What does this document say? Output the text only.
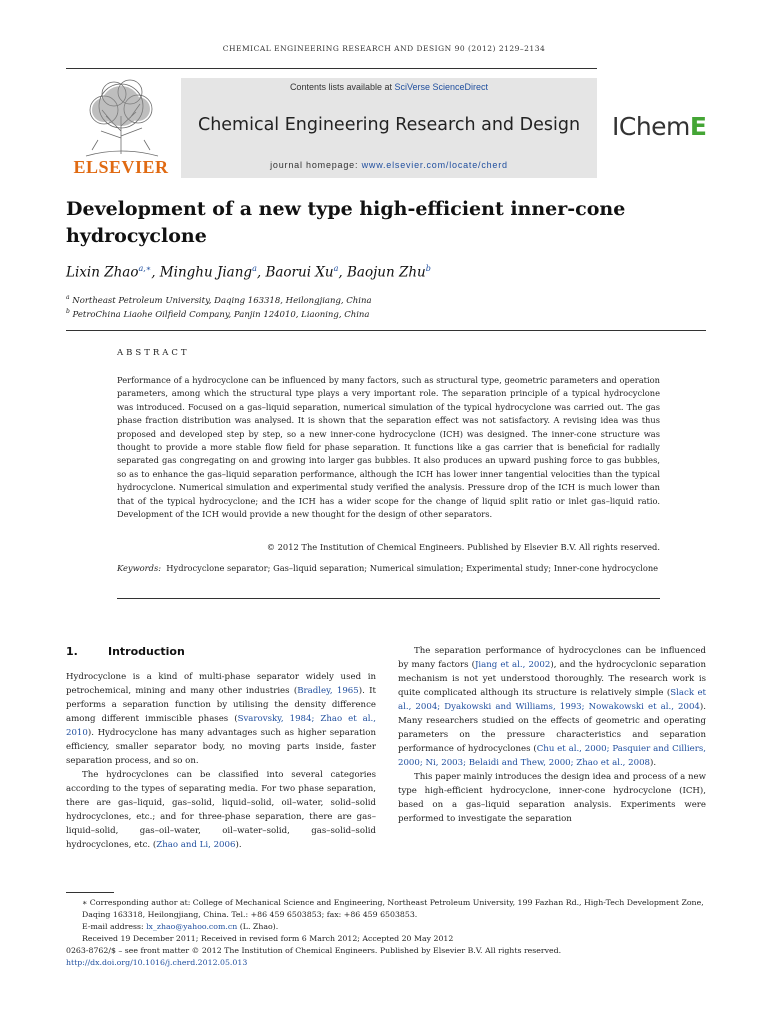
CHEMICAL ENGINEERING RESEARCH AND DESIGN 90 (2012) 2129–2134
ELSEVIER
Contents lists available at SciVerse ScienceDirect
Chemical Engineering Research and Design
journal homepage: www.elsevier.com/locate/cherd
IChemE
Development of a new type high-efficient inner-cone hydrocyclone
Lixin Zhao$^{a,∗}$, Minghu Jiang$^a$, Baorui Xu$^a$, Baojun Zhu$^b$
$^a$ Northeast Petroleum University, Daqing 163318, Heilongjiang, China
$^b$ PetroChina Liaohe Oilfield Company, Panjin 124010, Liaoning, China
ABSTRACT
Performance of a hydrocyclone can be influenced by many factors, such as structural type, geometric parameters and operation parameters, among which the structural type plays a very important role. The separation principle of a typical hydrocyclone was introduced. Focused on a gas–liquid separation, numerical simulation of the typical hydrocyclone was carried out. The gas phase fraction distribution was analysed. It is shown that the separation effect was not satisfactory. A revising idea was thus proposed and developed step by step, so a new inner-cone hydrocyclone (ICH) was designed. The inner-cone structure was thought to provide a more stable flow field for phase separation. It functions like a gas carrier that is beneficial for radially separated gas congregating on and growing into larger gas bubbles. It also produces an upward pushing force to gas bubbles, so as to enhance the gas–liquid separation performance, although the ICH has lower inner tangential velocities than the typical hydrocyclone. Numerical simulation and experimental study verified the analysis. Pressure drop of the ICH is much lower than that of the typical hydrocyclone; and the ICH has a wider scope for the change of liquid split ratio or inlet gas–liquid ratio. Development of the ICH would provide a new thought for the design of other separators.
© 2012 The Institution of Chemical Engineers. Published by Elsevier B.V. All rights reserved.
Keywords: Hydrocyclone separator; Gas–liquid separation; Numerical simulation; Experimental study; Inner-cone hydrocyclone
1.	Introduction

Hydrocyclone is a kind of multi-phase separator widely used in petrochemical, mining and many other industries (Bradley, 1965). It performs a separation function by utilising the density difference among different immiscible phases (Svarovsky, 1984; Zhao et al., 2010). Hydrocyclone has many advantages such as higher separation efficiency, smaller separator body, no moving parts inside, faster separation process, and so on.

The hydrocyclones can be classified into several categories according to the types of separating media. For two phase separation, there are gas–liquid, gas–solid, liquid–solid, oil–water, solid–solid hydrocyclones, etc.; and for three-phase separation, there are gas–liquid–solid, gas–oil–water, oil–water–solid, gas–solid–solid hydrocyclones, etc. (Zhao and Li, 2006).

The separation performance of hydrocyclones can be influenced by many factors (Jiang et al., 2002), and the hydrocyclonic separation mechanism is not yet understood thoroughly. The research work is quite complicated although its structure is relatively simple (Slack et al., 2004; Dyakowski and Williams, 1993; Nowakowski et al., 2004). Many researchers studied on the effects of geometric and operating parameters on the pressure characteristics and separation performance of hydrocyclones (Chu et al., 2000; Pasquier and Cilliers, 2000; Ni, 2003; Belaidi and Thew, 2000; Zhao et al., 2008).

This paper mainly introduces the design idea and process of a new type high-efficient hydrocyclone, inner-cone hydrocyclone (ICH), based on a gas–liquid separation analysis. Experiments were performed to investigate the separation

∗ Corresponding author at: College of Mechanical Science and Engineering, Northeast Petroleum University, 199 Fazhan Rd., High-Tech Development Zone, Daqing 163318, Heilongjiang, China. Tel.: +86 459 6503853; fax: +86 459 6503853.
E-mail address: lx_zhao@yahoo.com.cn (L. Zhao).
Received 19 December 2011; Received in revised form 6 March 2012; Accepted 20 May 2012
0263-8762/$ – see front matter © 2012 The Institution of Chemical Engineers. Published by Elsevier B.V. All rights reserved.
http://dx.doi.org/10.1016/j.cherd.2012.05.013
